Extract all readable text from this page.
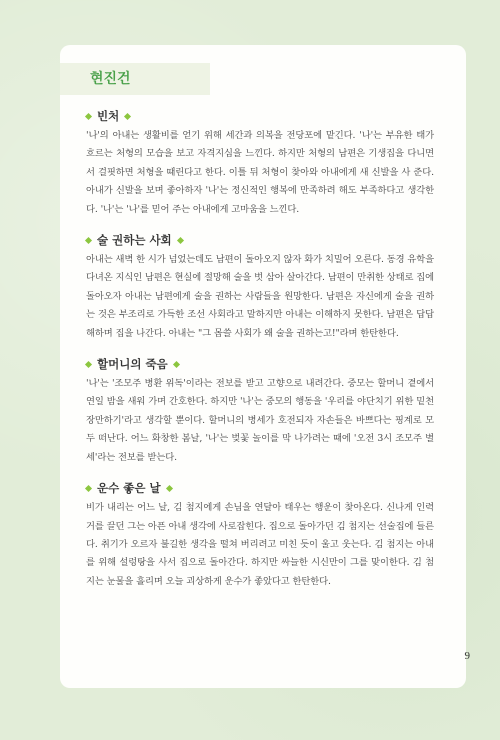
현진건
빈처
'나'의 아내는 생활비를 얻기 위해 세간과 의복을 전당포에 맡긴다. '나'는 부유한 태가 흐르는 처형의 모습을 보고 자격지심을 느낀다. 하지만 처형의 남편은 기생집을 다니면서 걸핏하면 처형을 때린다고 한다. 이틀 뒤 처형이 찾아와 아내에게 새 신발을 사 준다. 아내가 신발을 보며 좋아하자 '나'는 정신적인 행복에 만족하려 해도 부족하다고 생각한다. '나'는 '나'를 믿어 주는 아내에게 고마움을 느낀다.
술 권하는 사회
아내는 새벽 한 시가 넘었는데도 남편이 돌아오지 않자 화가 치밀어 오른다. 동경 유학을 다녀온 지식인 남편은 현실에 절망해 술을 벗 삼아 살아간다. 남편이 만취한 상태로 집에 돌아오자 아내는 남편에게 술을 권하는 사람들을 원망한다. 남편은 자신에게 술을 권하는 것은 부조리로 가득한 조선 사회라고 말하지만 아내는 이해하지 못한다. 남편은 답답해하며 집을 나간다. 아내는 "그 몹쓸 사회가 왜 술을 권하는고!"라며 한탄한다.
할머니의 죽음
'나'는 '조모주 병환 위독'이라는 전보를 받고 고향으로 내려간다. 중모는 할머니 곁에서 연일 밤을 새워 가며 간호한다. 하지만 '나'는 중모의 행동을 '우리를 야단치기 위한 밑천 장만하기'라고 생각할 뿐이다. 할머니의 병세가 호전되자 자손들은 바쁘다는 핑계로 모두 떠난다. 어느 화창한 봄날, '나'는 벚꽃 놀이를 막 나가려는 때에 '오전 3시 조모주 별세'라는 전보를 받는다.
운수 좋은 날
비가 내리는 어느 날, 김 첨지에게 손님을 연달아 태우는 행운이 찾아온다. 신나게 인력거를 끌던 그는 아픈 아내 생각에 사로잡힌다. 집으로 돌아가던 김 첨지는 선술집에 들른다. 취기가 오르자 불길한 생각을 떨쳐 버리려고 미친 듯이 울고 웃는다. 김 첨지는 아내를 위해 설렁탕을 사서 집으로 돌아간다. 하지만 싸늘한 시신만이 그를 맞이한다. 김 첨지는 눈물을 흘리며 오늘 괴상하게 운수가 좋았다고 한탄한다.
9
